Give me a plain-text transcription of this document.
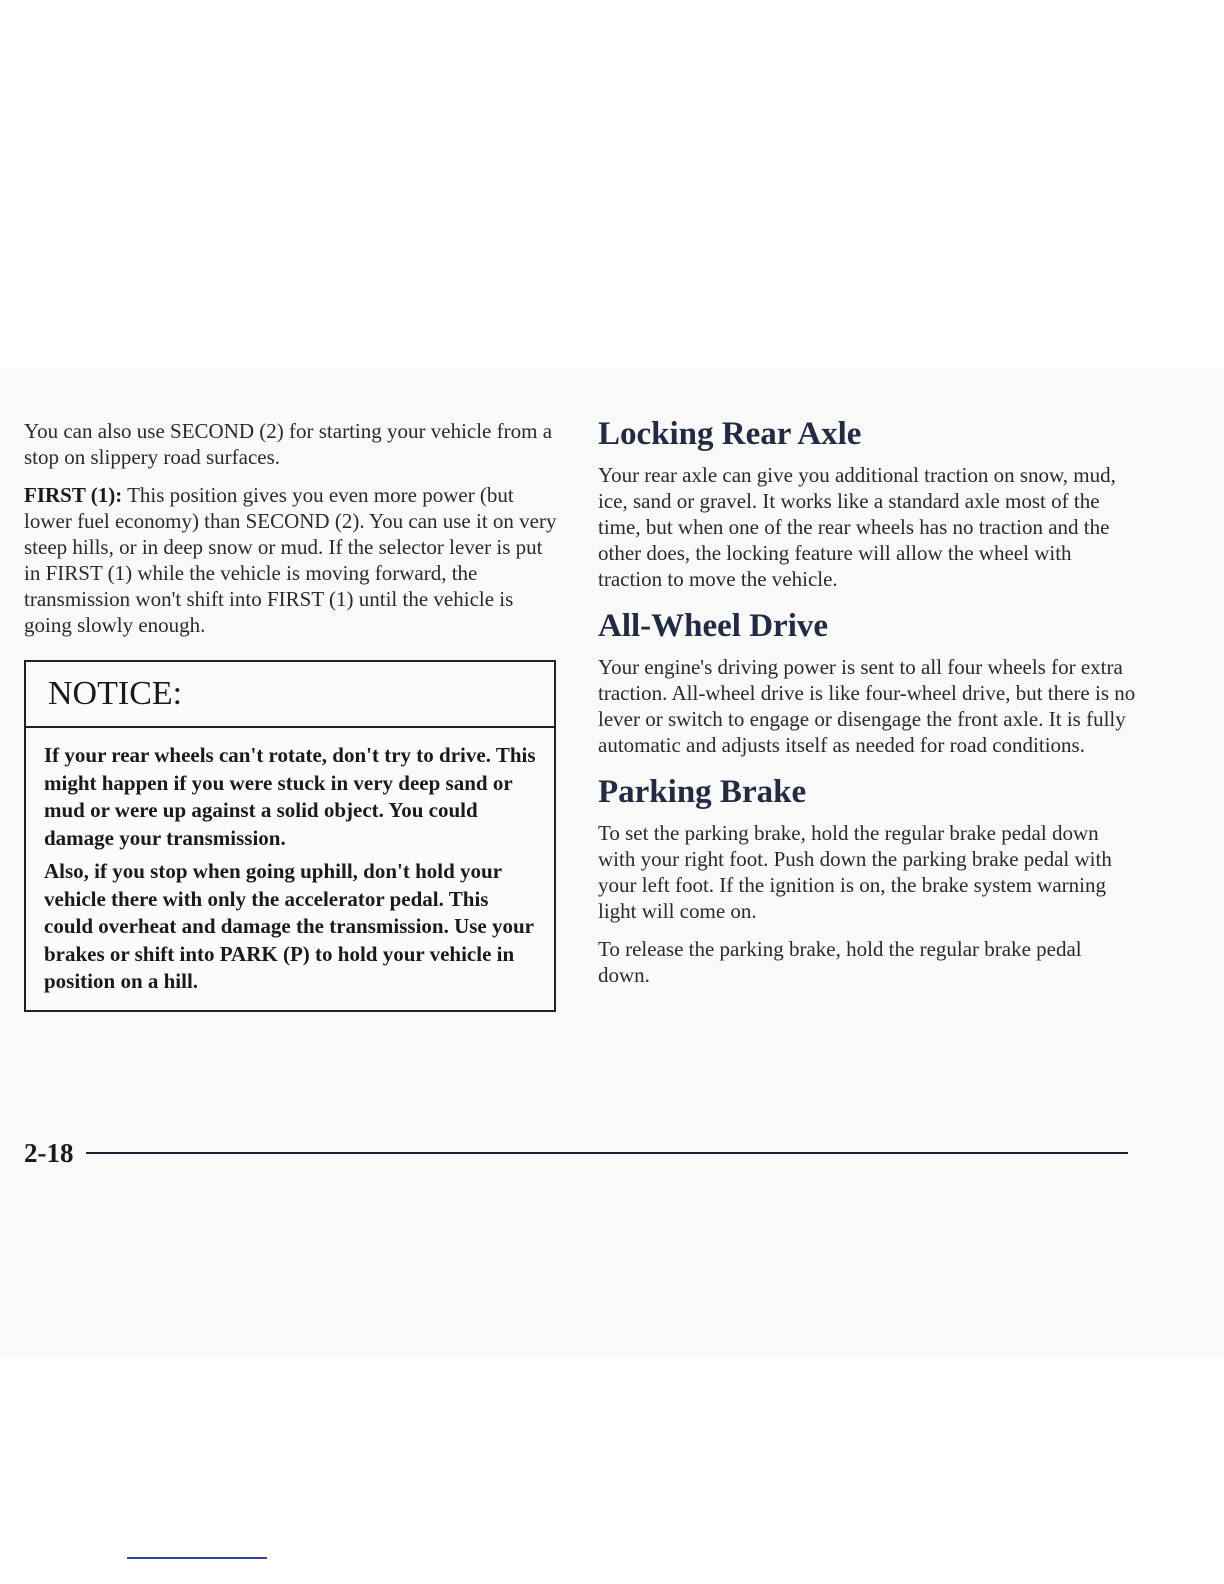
You can also use SECOND (2) for starting your vehicle from a stop on slippery road surfaces.

FIRST (1): This position gives you even more power (but lower fuel economy) than SECOND (2). You can use it on very steep hills, or in deep snow or mud. If the selector lever is put in FIRST (1) while the vehicle is moving forward, the transmission won't shift into FIRST (1) until the vehicle is going slowly enough.

NOTICE:

If your rear wheels can't rotate, don't try to drive. This might happen if you were stuck in very deep sand or mud or were up against a solid object. You could damage your transmission.

Also, if you stop when going uphill, don't hold your vehicle there with only the accelerator pedal. This could overheat and damage the transmission. Use your brakes or shift into PARK (P) to hold your vehicle in position on a hill.

Locking Rear Axle

Your rear axle can give you additional traction on snow, mud, ice, sand or gravel. It works like a standard axle most of the time, but when one of the rear wheels has no traction and the other does, the locking feature will allow the wheel with traction to move the vehicle.

All-Wheel Drive

Your engine's driving power is sent to all four wheels for extra traction. All-wheel drive is like four-wheel drive, but there is no lever or switch to engage or disengage the front axle. It is fully automatic and adjusts itself as needed for road conditions.

Parking Brake

To set the parking brake, hold the regular brake pedal down with your right foot. Push down the parking brake pedal with your left foot. If the ignition is on, the brake system warning light will come on.

To release the parking brake, hold the regular brake pedal down.

2-18
